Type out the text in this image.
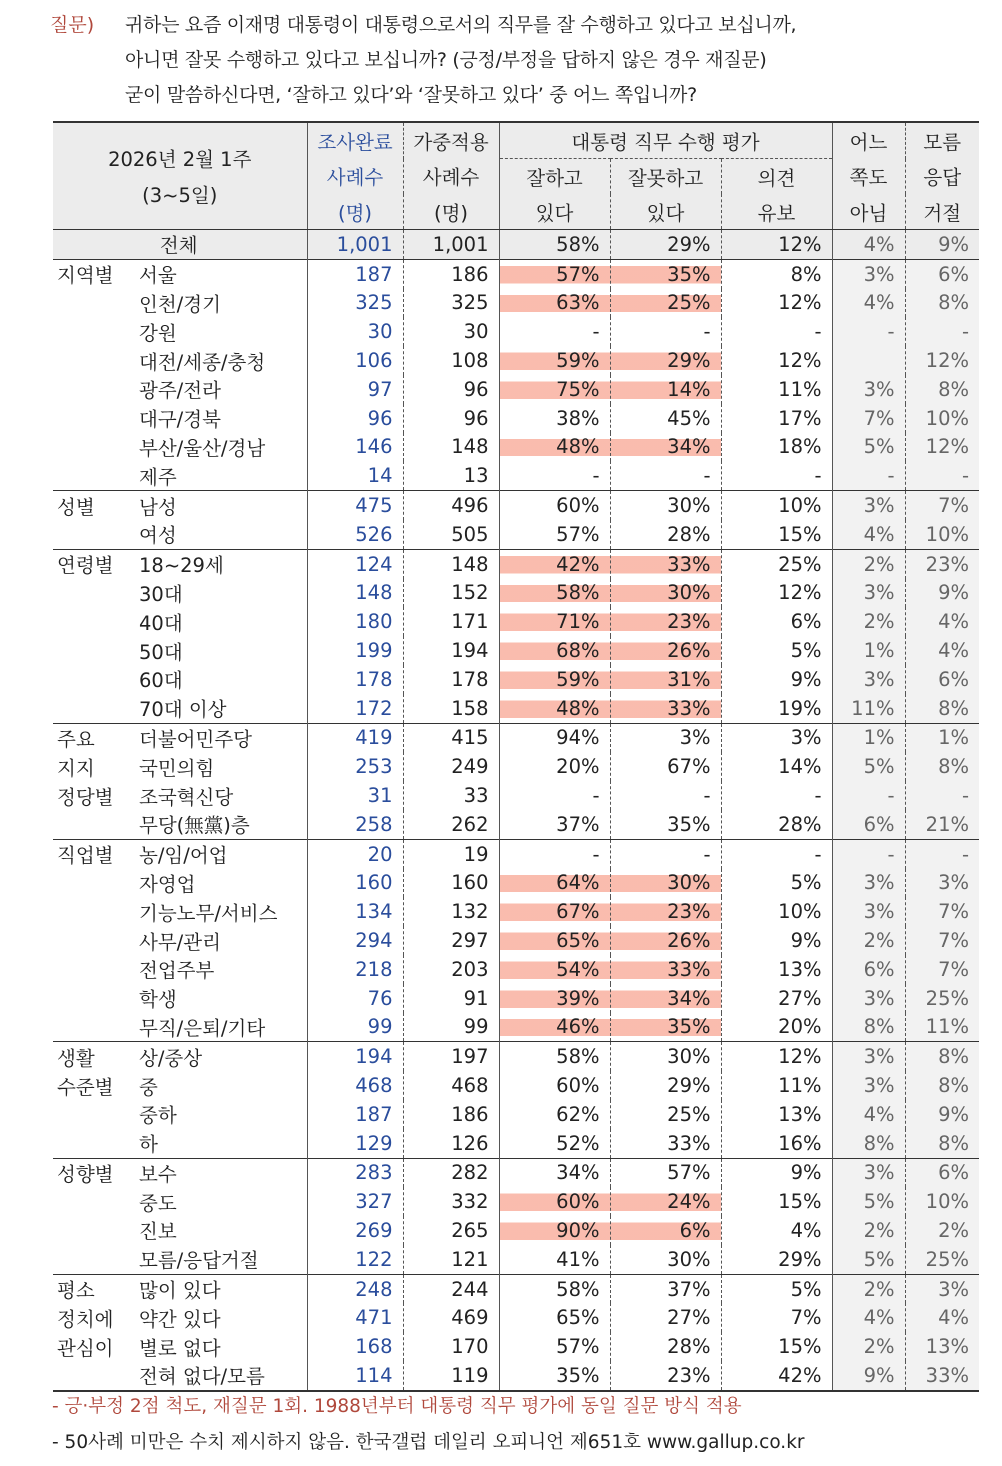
질문) 귀하는 요즘 이재명 대통령이 대통령으로서의 직무를 잘 수행하고 있다고 보십니까,
아니면 잘못 수행하고 있다고 보십니까? (긍정/부정을 답하지 않은 경우 재질문)
굳이 말씀하신다면, ‘잘하고 있다’와 ‘잘못하고 있다’ 중 어느 쪽입니까?
2026년 2월 1주
(3~5일)	조사완료	가중적용	대통령 직무 수행 평가			어느	모름
	사례수	사례수	잘하고	잘못하고	의견	쪽도	응답
	(명)	(명)	있다	있다	유보	아님	거절
전체	1,001	1,001	58%	29%	12%	4%	9%
지역별 서울	187	186	57%	35%	8%	3%	6%
인천/경기	325	325	63%	25%	12%	4%	8%
강원	30	30	-	-	-	-	-
대전/세종/충청	106	108	59%	29%	12%		12%
광주/전라	97	96	75%	14%	11%	3%	8%
대구/경북	96	96	38%	45%	17%	7%	10%
부산/울산/경남	146	148	48%	34%	18%	5%	12%
제주	14	13	-	-	-	-	-
성별 남성	475	496	60%	30%	10%	3%	7%
여성	526	505	57%	28%	15%	4%	10%
연령별 18~29세	124	148	42%	33%	25%	2%	23%
30대	148	152	58%	30%	12%	3%	9%
40대	180	171	71%	23%	6%	2%	4%
50대	199	194	68%	26%	5%	1%	4%
60대	178	178	59%	31%	9%	3%	6%
70대 이상	172	158	48%	33%	19%	11%	8%
주요 더불어민주당	419	415	94%	3%	3%	1%	1%
지지 국민의힘	253	249	20%	67%	14%	5%	8%
정당별 조국혁신당	31	33	-	-	-	-	-
무당(無黨)층	258	262	37%	35%	28%	6%	21%
직업별 농/임/어업	20	19	-	-	-	-	-
자영업	160	160	64%	30%	5%	3%	3%
기능노무/서비스	134	132	67%	23%	10%	3%	7%
사무/관리	294	297	65%	26%	9%	2%	7%
전업주부	218	203	54%	33%	13%	6%	7%
학생	76	91	39%	34%	27%	3%	25%
무직/은퇴/기타	99	99	46%	35%	20%	8%	11%
생활 상/중상	194	197	58%	30%	12%	3%	8%
수준별 중	468	468	60%	29%	11%	3%	8%
중하	187	186	62%	25%	13%	4%	9%
하	129	126	52%	33%	16%	8%	8%
성향별 보수	283	282	34%	57%	9%	3%	6%
중도	327	332	60%	24%	15%	5%	10%
진보	269	265	90%	6%	4%	2%	2%
모름/응답거절	122	121	41%	30%	29%	5%	25%
평소 많이 있다	248	244	58%	37%	5%	2%	3%
정치에 약간 있다	471	469	65%	27%	7%	4%	4%
관심이 별로 없다	168	170	57%	28%	15%	2%	13%
전혀 없다/모름	114	119	35%	23%	42%	9%	33%
- 긍·부정 2점 척도, 재질문 1회. 1988년부터 대통령 직무 평가에 동일 질문 방식 적용
- 50사례 미만은 수치 제시하지 않음. 한국갤럽 데일리 오피니언 제651호 www.gallup.co.kr
